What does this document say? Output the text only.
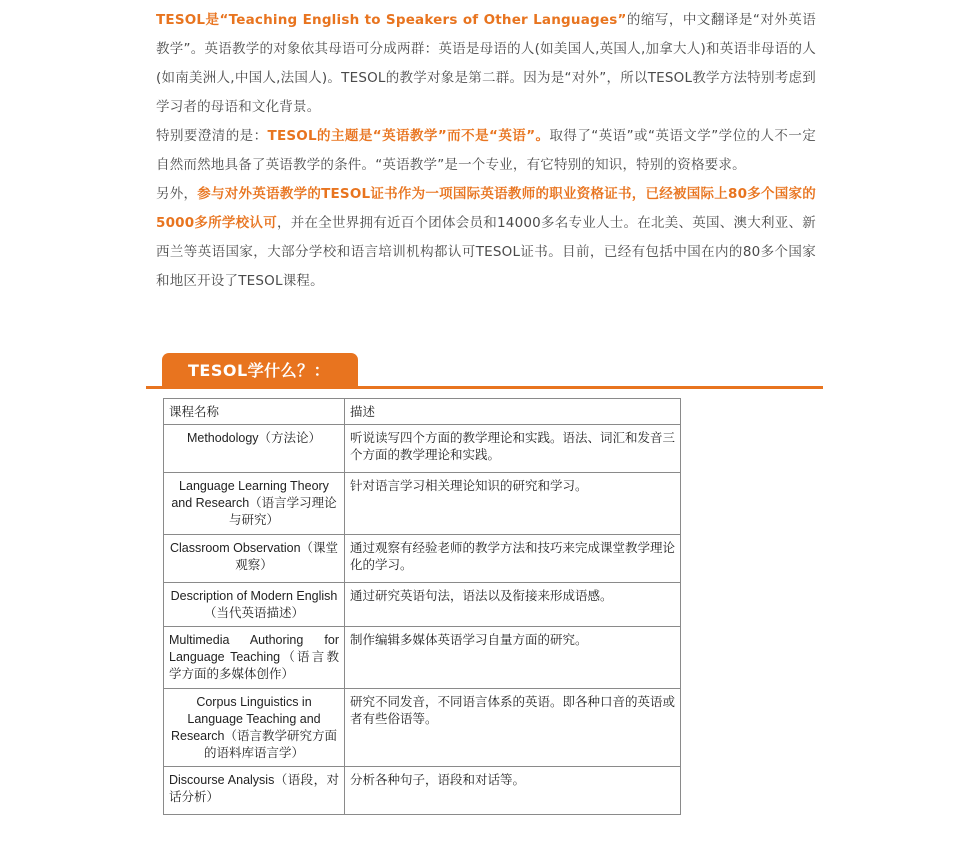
TESOL是“Teaching English to Speakers of Other Languages”的缩写，中文翻译是“对外英语教学”。英语教学的对象依其母语可分成两群：英语是母语的人(如美国人,英国人,加拿大人)和英语非母语的人(如南美洲人,中国人,法国人)。TESOL的教学对象是第二群。因为是“对外”，所以TESOL教学方法特别考虑到学习者的母语和文化背景。

特别要澄清的是：TESOL的主题是“英语教学”而不是“英语”。取得了“英语”或“英语文学”学位的人不一定自然而然地具备了英语教学的条件。“英语教学”是一个专业，有它特别的知识，特别的资格要求。

另外，参与对外英语教学的TESOL证书作为一项国际英语教师的职业资格证书，已经被国际上80多个国家的5000多所学校认可，并在全世界拥有近百个团体会员和14000多名专业人士。在北美、英国、澳大利亚、新西兰等英语国家，大部分学校和语言培训机构都认可TESOL证书。目前，已经有包括中国在内的80多个国家和地区开设了TESOL课程。

TESOL学什么？：
课程名称	描述
Methodology（方法论）	听说读写四个方面的教学理论和实践。语法、词汇和发音三个方面的教学理论和实践。
Language Learning Theory and Research（语言学习理论与研究）	针对语言学习相关理论知识的研究和学习。
Classroom Observation（课堂观察）	通过观察有经验老师的教学方法和技巧来完成课堂教学理论化的学习。
Description of Modern English（当代英语描述）	通过研究英语句法，语法以及衔接来形成语感。
Multimedia Authoring for Language Teaching（语言教学方面的多媒体创作）	制作编辑多媒体英语学习自量方面的研究。
Corpus Linguistics in Language Teaching and Research（语言教学研究方面的语料库语言学）	研究不同发音，不同语言体系的英语。即各种口音的英语或者有些俗语等。
Discourse Analysis（语段，对话分析）	分析各种句子，语段和对话等。
